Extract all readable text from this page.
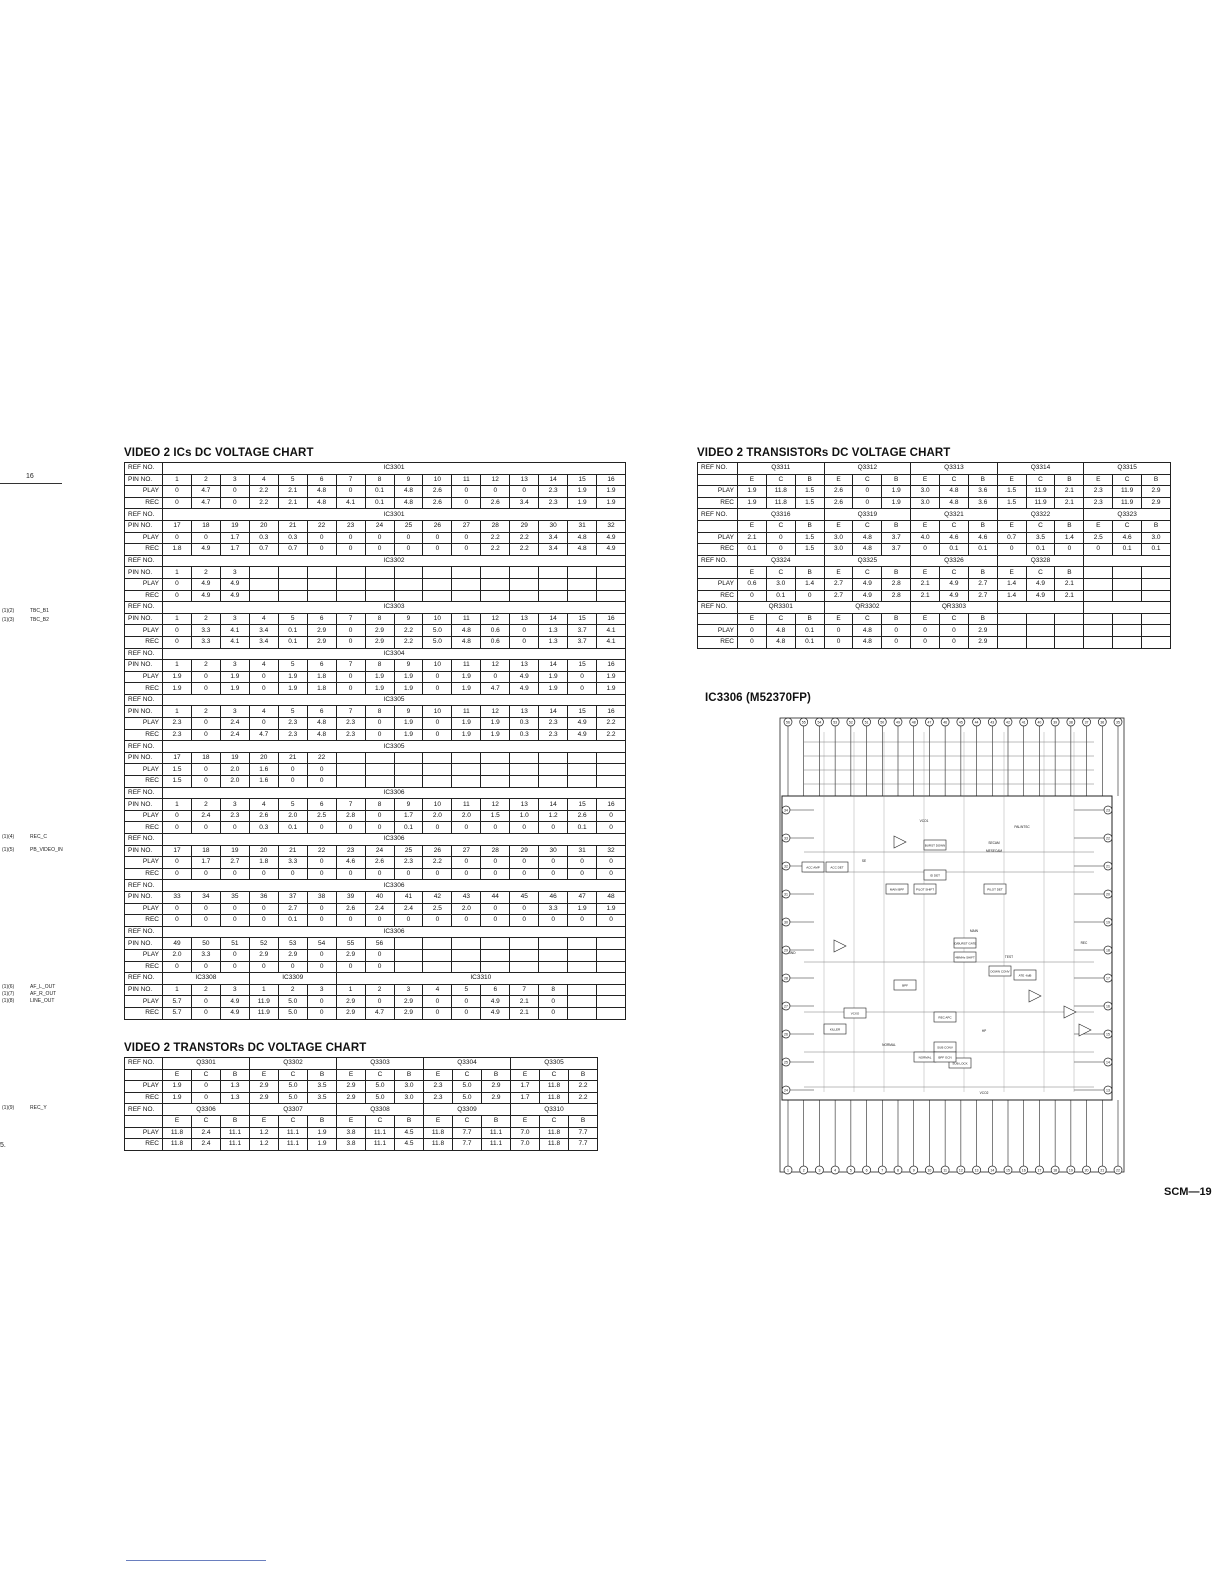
16
(1)(2)	TBC_B1
(1)(3)	TBC_B2
(1)(4)	REC_C
(1)(5)	PB_VIDEO_IN
(1)(6)	AF_L_OUT
(1)(7)	AF_R_OUT
(1)(8)	LINE_OUT
(1)(9)	REC_Y
5.
VIDEO 2 ICs DC VOLTAGE CHART
VIDEO 2 TRANSTORs DC VOLTAGE CHART
VIDEO 2 TRANSISTORs DC VOLTAGE CHART
IC3306 (M52370FP)
REF NO.	IC3301															
PIN NO.	1	2	3	4	5	6	7	8	9	10	11	12	13	14	15	16
PLAY	0	4.7	0	2.2	2.1	4.8	0	0.1	4.8	2.6	0	0	0	2.3	1.9	1.9
REC	0	4.7	0	2.2	2.1	4.8	4.1	0.1	4.8	2.6	0	2.6	3.4	2.3	1.9	1.9
REF NO.	IC3301															
PIN NO.	17	18	19	20	21	22	23	24	25	26	27	28	29	30	31	32
PLAY	0	0	1.7	0.3	0.3	0	0	0	0	0	0	2.2	2.2	3.4	4.8	4.9
REC	1.8	4.9	1.7	0.7	0.7	0	0	0	0	0	0	2.2	2.2	3.4	4.8	4.9
REF NO.	IC3302															
PIN NO.	1	2	3													
PLAY	0	4.9	4.9													
REC	0	4.9	4.9													
REF NO.	IC3303															
PIN NO.	1	2	3	4	5	6	7	8	9	10	11	12	13	14	15	16
PLAY	0	3.3	4.1	3.4	0.1	2.9	0	2.9	2.2	5.0	4.8	0.6	0	1.3	3.7	4.1
REC	0	3.3	4.1	3.4	0.1	2.9	0	2.9	2.2	5.0	4.8	0.6	0	1.3	3.7	4.1
REF NO.	IC3304															
PIN NO.	1	2	3	4	5	6	7	8	9	10	11	12	13	14	15	16
PLAY	1.9	0	1.9	0	1.9	1.8	0	1.9	1.9	0	1.9	0	4.9	1.9	0	1.9
REC	1.9	0	1.9	0	1.9	1.8	0	1.9	1.9	0	1.9	4.7	4.9	1.9	0	1.9
REF NO.	IC3305															
PIN NO.	1	2	3	4	5	6	7	8	9	10	11	12	13	14	15	16
PLAY	2.3	0	2.4	0	2.3	4.8	2.3	0	1.9	0	1.9	1.9	0.3	2.3	4.9	2.2
REC	2.3	0	2.4	4.7	2.3	4.8	2.3	0	1.9	0	1.9	1.9	0.3	2.3	4.9	2.2
REF NO.	IC3305															
PIN NO.	17	18	19	20	21	22										
PLAY	1.5	0	2.0	1.6	0	0										
REC	1.5	0	2.0	1.6	0	0										
REF NO.	IC3306															
PIN NO.	1	2	3	4	5	6	7	8	9	10	11	12	13	14	15	16
PLAY	0	2.4	2.3	2.6	2.0	2.5	2.8	0	1.7	2.0	2.0	1.5	1.0	1.2	2.6	0
REC	0	0	0	0.3	0.1	0	0	0	0.1	0	0	0	0	0	0.1	0
REF NO.	IC3306															
PIN NO.	17	18	19	20	21	22	23	24	25	26	27	28	29	30	31	32
PLAY	0	1.7	2.7	1.8	3.3	0	4.6	2.6	2.3	2.2	0	0	0	0	0	0
REC	0	0	0	0	0	0	0	0	0	0	0	0	0	0	0	0
REF NO.	IC3306															
PIN NO.	33	34	35	36	37	38	39	40	41	42	43	44	45	46	47	48
PLAY	0	0	0	0	2.7	0	2.6	2.4	2.4	2.5	2.0	0	0	3.3	1.9	1.9
REC	0	0	0	0	0.1	0	0	0	0	0	0	0	0	0	0	0
REF NO.	IC3306															
PIN NO.	49	50	51	52	53	54	55	56								
PLAY	2.0	3.3	0	2.9	2.9	0	2.9	0								
REC	0	0	0	0	0	0	0	0								
REF NO.	IC3308			IC3309			IC3310									
PIN NO.	1	2	3	1	2	3	1	2	3	4	5	6	7	8		
PLAY	5.7	0	4.9	11.9	5.0	0	2.9	0	2.9	0	0	4.9	2.1	0		
REC	5.7	0	4.9	11.9	5.0	0	2.9	4.7	2.9	0	0	4.9	2.1	0		
REF NO.	Q3301			Q3302			Q3303			Q3304			Q3305		
	E	C	B	E	C	B	E	C	B	E	C	B	E	C	B
PLAY	1.9	0	1.3	2.9	5.0	3.5	2.9	5.0	3.0	2.3	5.0	2.9	1.7	11.8	2.2
REC	1.9	0	1.3	2.9	5.0	3.5	2.9	5.0	3.0	2.3	5.0	2.9	1.7	11.8	2.2
REF NO.	Q3306			Q3307			Q3308			Q3309			Q3310		
	E	C	B	E	C	B	E	C	B	E	C	B	E	C	B
PLAY	11.8	2.4	11.1	1.2	11.1	1.9	3.8	11.1	4.5	11.8	7.7	11.1	7.0	11.8	7.7
REC	11.8	2.4	11.1	1.2	11.1	1.9	3.8	11.1	4.5	11.8	7.7	11.1	7.0	11.8	7.7
REF NO.	Q3311			Q3312			Q3313			Q3314			Q3315		
	E	C	B	E	C	B	E	C	B	E	C	B	E	C	B
PLAY	1.9	11.8	1.5	2.6	0	1.9	3.0	4.8	3.6	1.5	11.9	2.1	2.3	11.9	2.9
REC	1.9	11.8	1.5	2.6	0	1.9	3.0	4.8	3.6	1.5	11.9	2.1	2.3	11.9	2.9
REF NO.	Q3316			Q3319			Q3321			Q3322			Q3323		
	E	C	B	E	C	B	E	C	B	E	C	B	E	C	B
PLAY	2.1	0	1.5	3.0	4.8	3.7	4.0	4.6	4.6	0.7	3.5	1.4	2.5	4.6	3.0
REC	0.1	0	1.5	3.0	4.8	3.7	0	0.1	0.1	0	0.1	0	0	0.1	0.1
REF NO.	Q3324			Q3325			Q3326			Q3328					
	E	C	B	E	C	B	E	C	B	E	C	B			
PLAY	0.6	3.0	1.4	2.7	4.9	2.8	2.1	4.9	2.7	1.4	4.9	2.1			
REC	0	0.1	0	2.7	4.9	2.8	2.1	4.9	2.7	1.4	4.9	2.1			
REF NO.	QR3301			QR3302			QR3303								
	E	C	B	E	C	B	E	C	B						
PLAY	0	4.8	0.1	0	4.8	0	0	0	2.9						
REC	0	4.8	0.1	0	4.8	0	0	0	2.9						
56	55	54	53	52	51	50	49	48	47	46	45	44	43	42	41	40	39	38	37	36	35
1	2	3	4	5	6	7	8	9	10	11	12	13	14	15	16	17	18	19	20	21	22
34
33
32
31
30
29
28
27
26
25
24
23
22
21
20
19
18
17
16
15
14
13
ACC AMP	ACC DET
ID DET
MAIN BPF	PILOT SHIFT
BURST DOWN
PILOT DET
ID/BURST GATE
4ΦMHz SHIFT
DOWN CONV
ATE -6dB
KILLER
VCXO
REC APC
BPF
SUB CONV
SUB LOCK
NORMAL BPF GCN
VCO1
VCO2
SECAM
MESECAM
PAL/NTSC
GND
REC
TEST
NORMAL
MAIN
SE
HP
SCM—19
